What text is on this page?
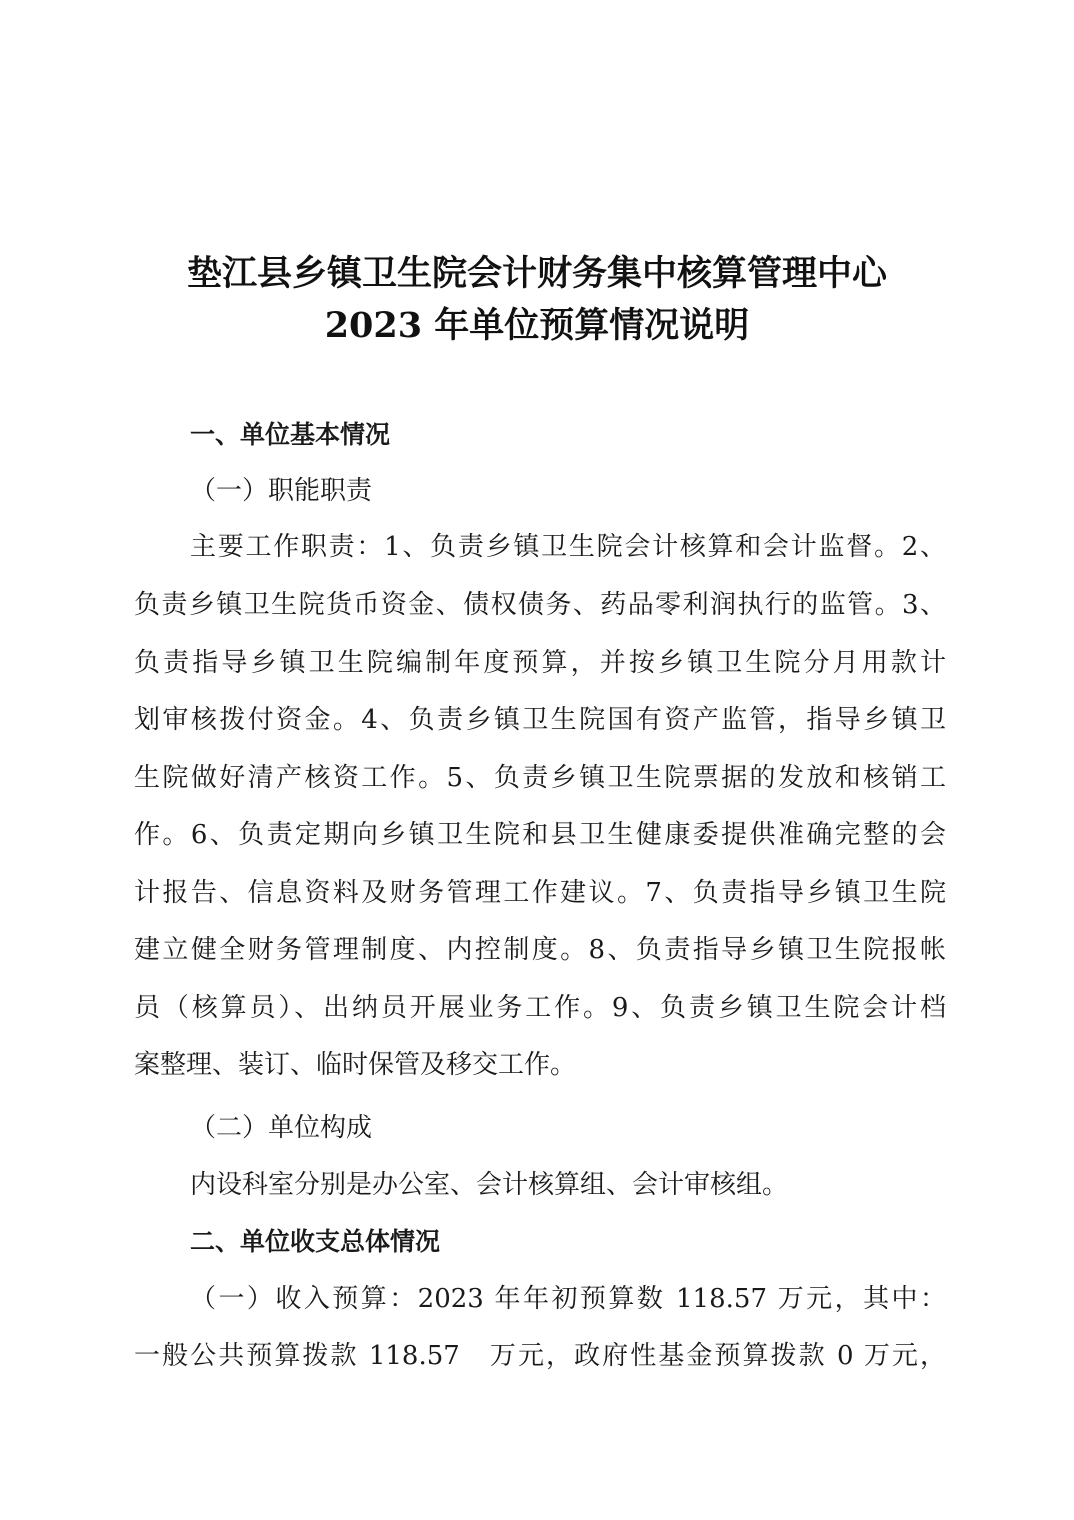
垫江县乡镇卫生院会计财务集中核算管理中心
2023 年单位预算情况说明
一、单位基本情况
（一）职能职责
主要工作职责：1、负责乡镇卫生院会计核算和会计监督。2、
负责乡镇卫生院货币资金、债权债务、药品零利润执行的监管。3、
负责指导乡镇卫生院编制年度预算，并按乡镇卫生院分月用款计
划审核拨付资金。4、负责乡镇卫生院国有资产监管，指导乡镇卫
生院做好清产核资工作。5、负责乡镇卫生院票据的发放和核销工
作。6、负责定期向乡镇卫生院和县卫生健康委提供准确完整的会
计报告、信息资料及财务管理工作建议。7、负责指导乡镇卫生院
建立健全财务管理制度、内控制度。8、负责指导乡镇卫生院报帐
员（核算员）、出纳员开展业务工作。9、负责乡镇卫生院会计档
案整理、装订、临时保管及移交工作。
（二）单位构成
内设科室分别是办公室、会计核算组、会计审核组。
二、单位收支总体情况
（一）收入预算：2023 年年初预算数 118.57 万元，其中：
一般公共预算拨款 118.57　万元，政府性基金预算拨款 0 万元，
